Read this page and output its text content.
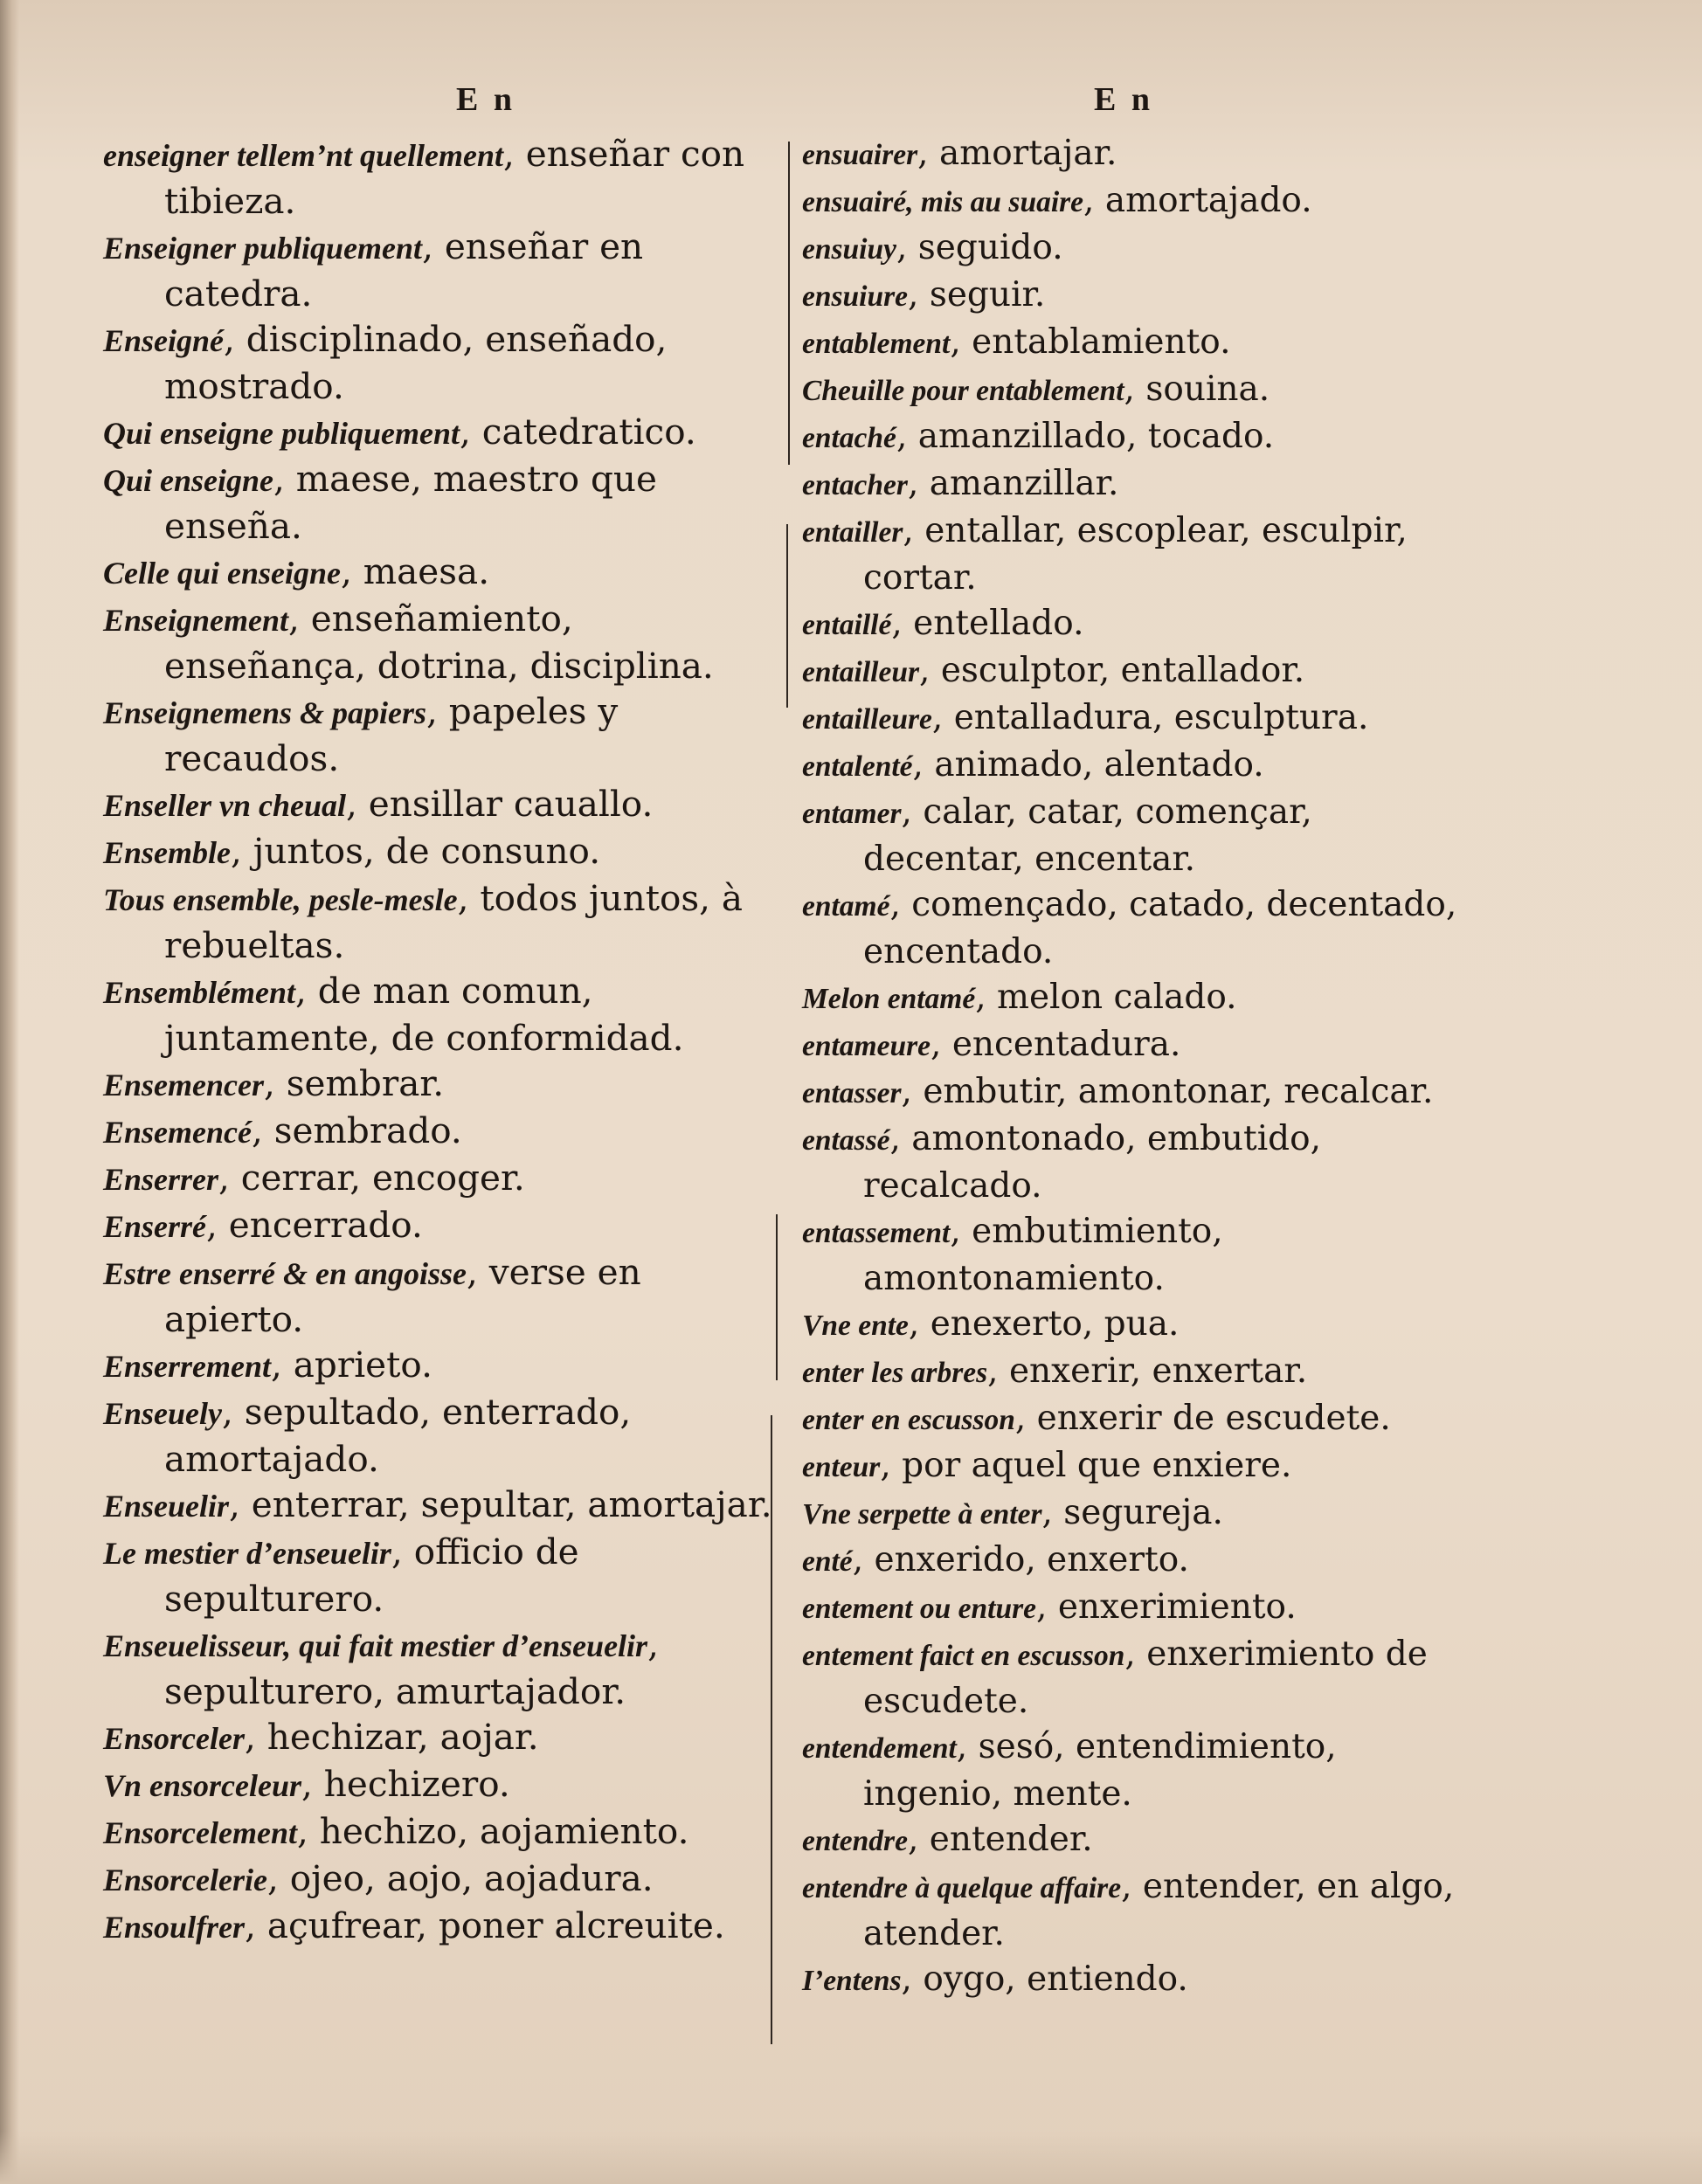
E n	E n
enseigner tellem’nt quellement, enseñar con tibieza.
Enseigner publiquement, enseñar en catedra.
Enseigné, disciplinado, enseñado, mostrado.
Qui enseigne publiquement, catedratico.
Qui enseigne, maese, maestro que enseña.
Celle qui enseigne, maesa.
Enseignement, enseñamiento, enseñança, dotrina, disciplina.
Enseignemens & papiers, papeles y recaudos.
Enseller vn cheual, ensillar cauallo.
Ensemble, juntos, de consuno.
Tous ensemble, pesle-mesle, todos juntos, à rebueltas.
Ensemblément, de man comun, juntamente, de conformidad.
Ensemencer, sembrar.
Ensemencé, sembrado.
Enserrer, cerrar, encoger.
Enserré, encerrado.
Estre enserré & en angoisse, verse en apierto.
Enserrement, aprieto.
Enseuely, sepultado, enterrado, amortajado.
Enseuelir, enterrar, sepultar, amortajar.
Le mestier d’enseuelir, officio de sepulturero.
Enseuelisseur, qui fait mestier d’enseuelir, sepulturero, amurtajador.
Ensorceler, hechizar, aojar.
Vn ensorceleur, hechizero.
Ensorcelement, hechizo, aojamiento.
Ensorcelerie, ojeo, aojo, aojadura.
Ensoulfrer, açufrear, poner alcreuite.
ensuairer, amortajar.
ensuairé, mis au suaire, amortajado.
ensuiuy, seguido.
ensuiure, seguir.
entablement, entablamiento.
Cheuille pour entablement, souina.
entaché, amanzillado, tocado.
entacher, amanzillar.
entailler, entallar, escoplear, esculpir, cortar.
entaillé, entellado.
entailleur, esculptor, entallador.
entailleure, entalladura, esculptura.
entalenté, animado, alentado.
entamer, calar, catar, començar, decentar, encentar.
entamé, començado, catado, decentado, encentado.
Melon entamé, melon calado.
entameure, encentadura.
entasser, embutir, amontonar, recalcar.
entassé, amontonado, embutido, recalcado.
entassement, embutimiento, amontonamiento.
Vne ente, enexerto, pua.
enter les arbres, enxerir, enxertar.
enter en escusson, enxerir de escudete.
enteur, por aquel que enxiere.
Vne serpette à enter, segureja.
enté, enxerido, enxerto.
entement ou enture, enxerimiento.
entement faict en escusson, enxerimiento de escudete.
entendement, sesó, entendimiento, ingenio, mente.
entendre, entender.
entendre à quelque affaire, entender, en algo, atender.
I’entens, oygo, entiendo.
